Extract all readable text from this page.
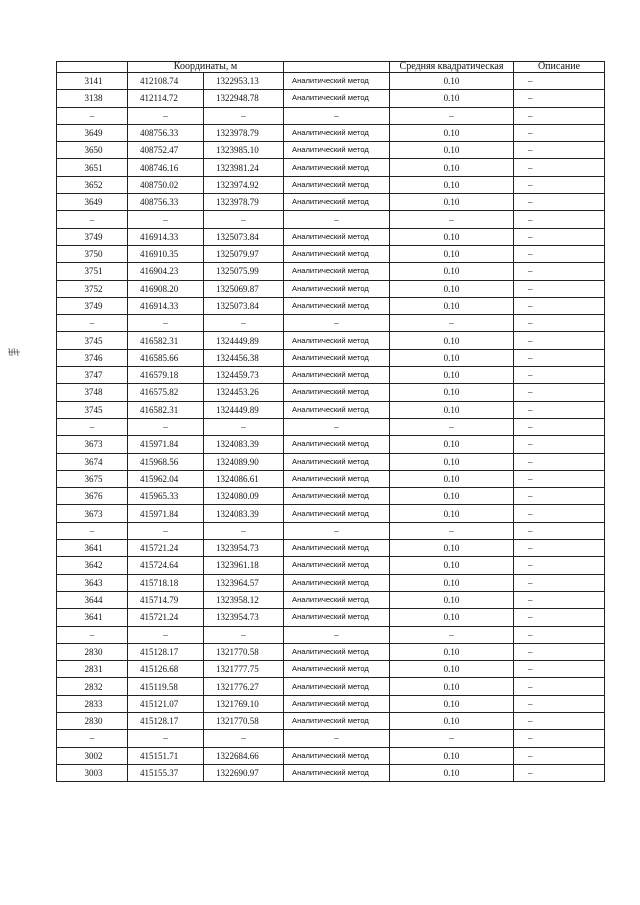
	Координаты, м			Средняя квадратическая	Описание
3141	412108.74	1322953.13	Аналитический метод	0.10	–
3138	412114.72	1322948.78	Аналитический метод	0.10	–
–	–	–	–	–	–
3649	408756.33	1323978.79	Аналитический метод	0.10	–
3650	408752.47	1323985.10	Аналитический метод	0.10	–
3651	408746.16	1323981.24	Аналитический метод	0.10	–
3652	408750.02	1323974.92	Аналитический метод	0.10	–
3649	408756.33	1323978.79	Аналитический метод	0.10	–
–	–	–	–	–	–
3749	416914.33	1325073.84	Аналитический метод	0.10	–
3750	416910.35	1325079.97	Аналитический метод	0.10	–
3751	416904.23	1325075.99	Аналитический метод	0.10	–
3752	416908.20	1325069.87	Аналитический метод	0.10	–
3749	416914.33	1325073.84	Аналитический метод	0.10	–
–	–	–	–	–	–
3745	416582.31	1324449.89	Аналитический метод	0.10	–
3746	416585.66	1324456.38	Аналитический метод	0.10	–
3747	416579.18	1324459.73	Аналитический метод	0.10	–
3748	416575.82	1324453.26	Аналитический метод	0.10	–
3745	416582.31	1324449.89	Аналитический метод	0.10	–
–	–	–	–	–	–
3673	415971.84	1324083.39	Аналитический метод	0.10	–
3674	415968.56	1324089.90	Аналитический метод	0.10	–
3675	415962.04	1324086.61	Аналитический метод	0.10	–
3676	415965.33	1324080.09	Аналитический метод	0.10	–
3673	415971.84	1324083.39	Аналитический метод	0.10	–
–	–	–	–	–	–
3641	415721.24	1323954.73	Аналитический метод	0.10	–
3642	415724.64	1323961.18	Аналитический метод	0.10	–
3643	415718.18	1323964.57	Аналитический метод	0.10	–
3644	415714.79	1323958.12	Аналитический метод	0.10	–
3641	415721.24	1323954.73	Аналитический метод	0.10	–
–	–	–	–	–	–
2830	415128.17	1321770.58	Аналитический метод	0.10	–
2831	415126.68	1321777.75	Аналитический метод	0.10	–
2832	415119.58	1321776.27	Аналитический метод	0.10	–
2833	415121.07	1321769.10	Аналитический метод	0.10	–
2830	415128.17	1321770.58	Аналитический метод	0.10	–
–	–	–	–	–	–
3002	415151.71	1322684.66	Аналитический метод	0.10	–
3003	415155.37	1322690.97	Аналитический метод	0.10	–
